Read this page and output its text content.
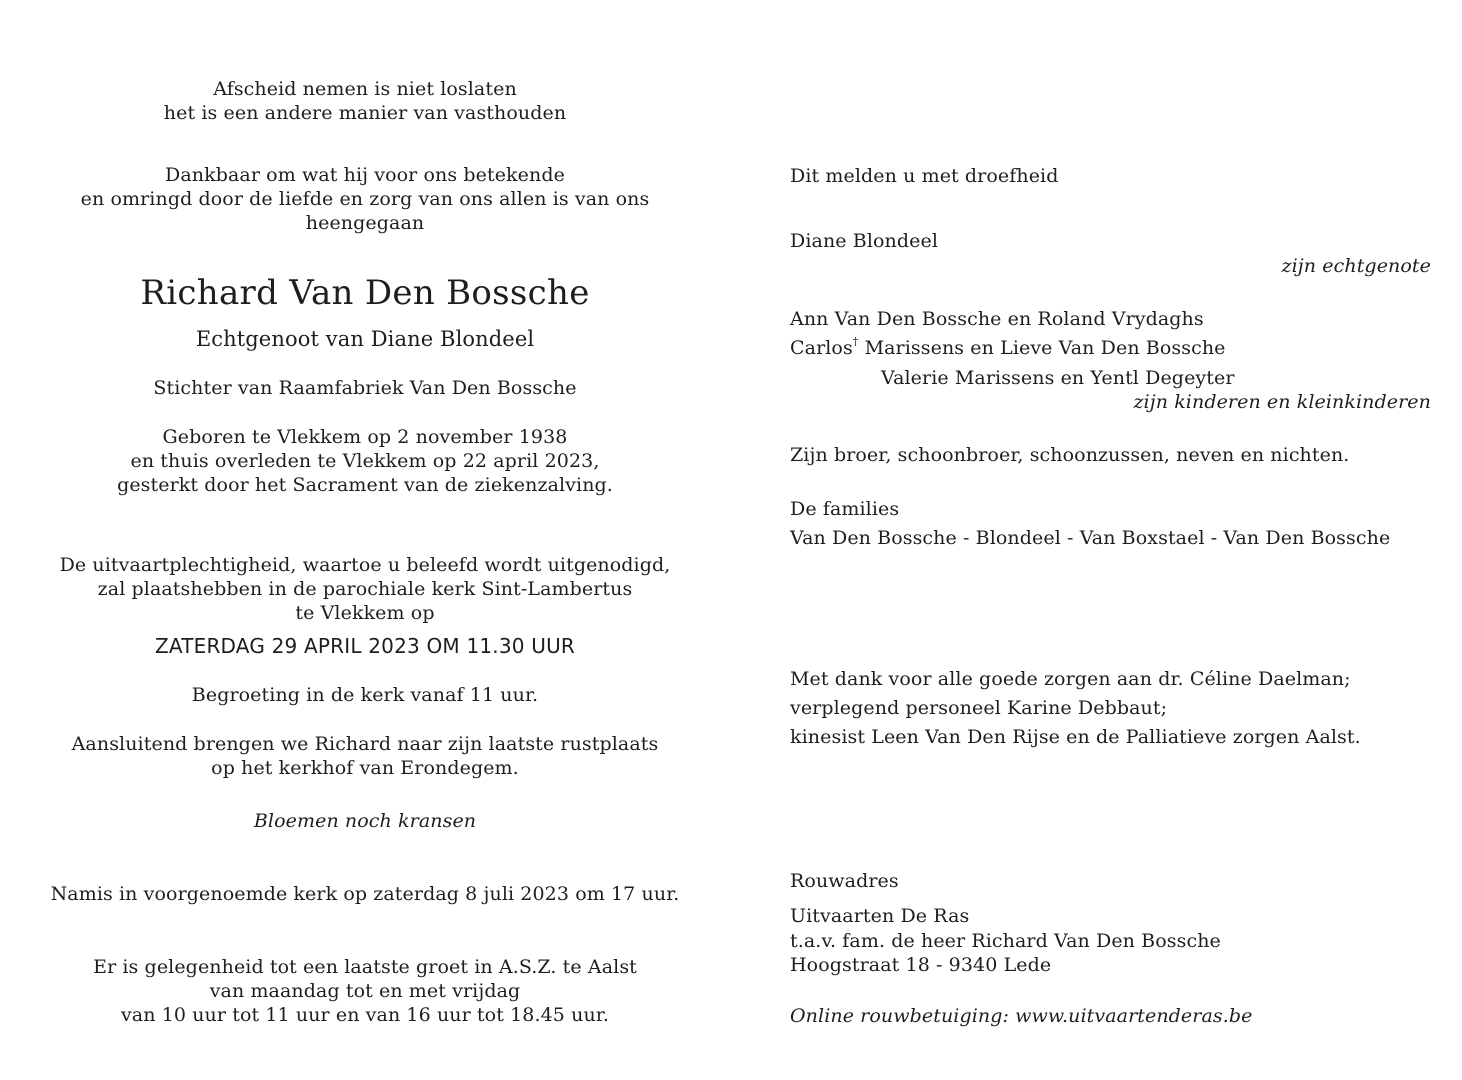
Afscheid nemen is niet loslaten
het is een andere manier van vasthouden
Dankbaar om wat hij voor ons betekende
en omringd door de liefde en zorg van ons allen is van ons
heengegaan
Richard Van Den Bossche
Echtgenoot van Diane Blondeel
Stichter van Raamfabriek Van Den Bossche
Geboren te Vlekkem op 2 november 1938
en thuis overleden te Vlekkem op 22 april 2023,
gesterkt door het Sacrament van de ziekenzalving.
De uitvaartplechtigheid, waartoe u beleefd wordt uitgenodigd,
zal plaatshebben in de parochiale kerk Sint-Lambertus
te Vlekkem op
ZATERDAG 29 APRIL 2023 OM 11.30 UUR
Begroeting in de kerk vanaf 11 uur.
Aansluitend brengen we Richard naar zijn laatste rustplaats
op het kerkhof van Erondegem.
Bloemen noch kransen
Namis in voorgenoemde kerk op zaterdag 8 juli 2023 om 17 uur.
Er is gelegenheid tot een laatste groet in A.S.Z. te Aalst
van maandag tot en met vrijdag
van 10 uur tot 11 uur en van 16 uur tot 18.45 uur.
Dit melden u met droefheid
Diane Blondeel
zijn echtgenote
Ann Van Den Bossche en Roland Vrydaghs
Carlos† Marissens en Lieve Van Den Bossche
Valerie Marissens en Yentl Degeyter
zijn kinderen en kleinkinderen
Zijn broer, schoonbroer, schoonzussen, neven en nichten.
De families
Van Den Bossche - Blondeel - Van Boxstael - Van Den Bossche
Met dank voor alle goede zorgen aan dr. Céline Daelman;
verplegend personeel Karine Debbaut;
kinesist Leen Van Den Rijse en de Palliatieve zorgen Aalst.
Rouwadres
Uitvaarten De Ras
t.a.v. fam. de heer Richard Van Den Bossche
Hoogstraat 18 - 9340 Lede
Online rouwbetuiging: www.uitvaartenderas.be
